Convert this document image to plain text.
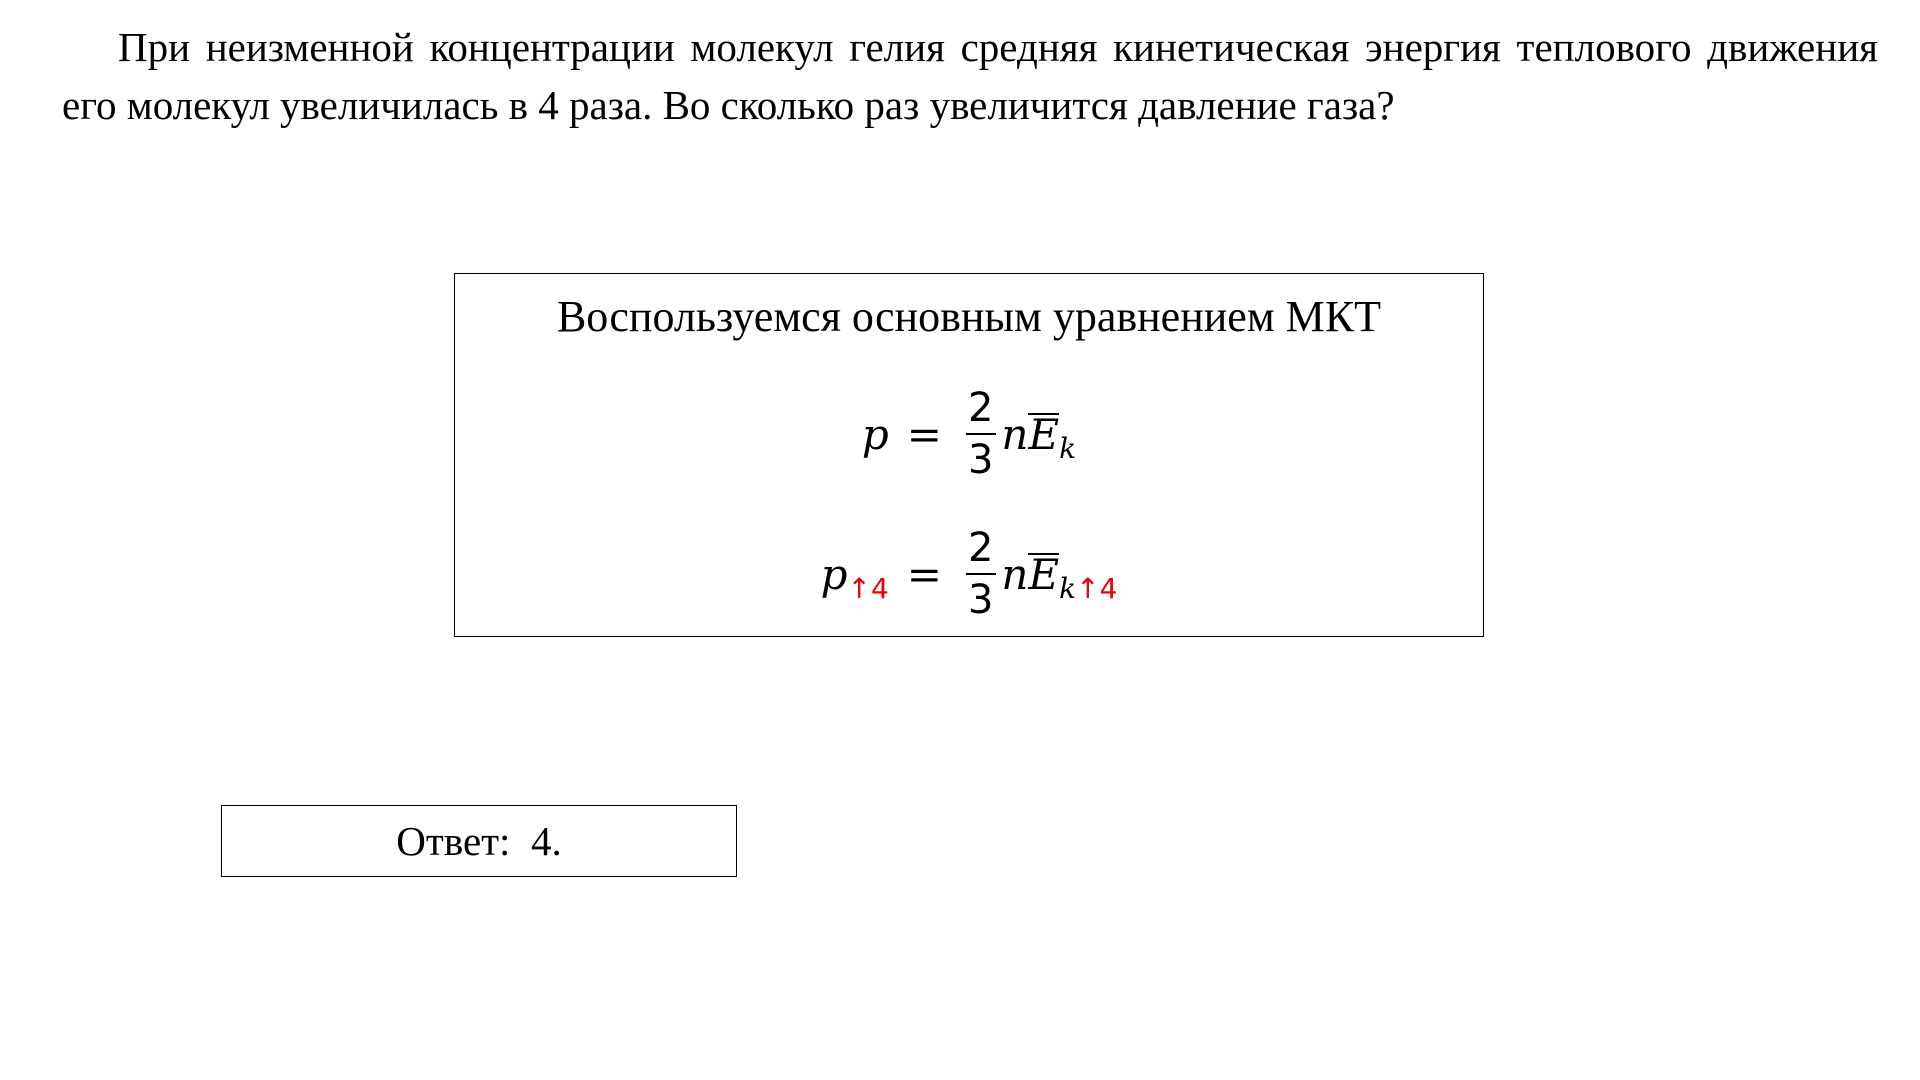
При неизменной концентрации молекул гелия средняя кинетическая энергия теплового движения его молекул увеличилась в 4 раза. Во сколько раз увеличится давление газа?

Воспользуемся основным уравнением МКТ

$p = \frac{2}{3}$ n E k
p ↑4 = $\frac{2}{3}$ n E k↑4
Ответ:  4.
